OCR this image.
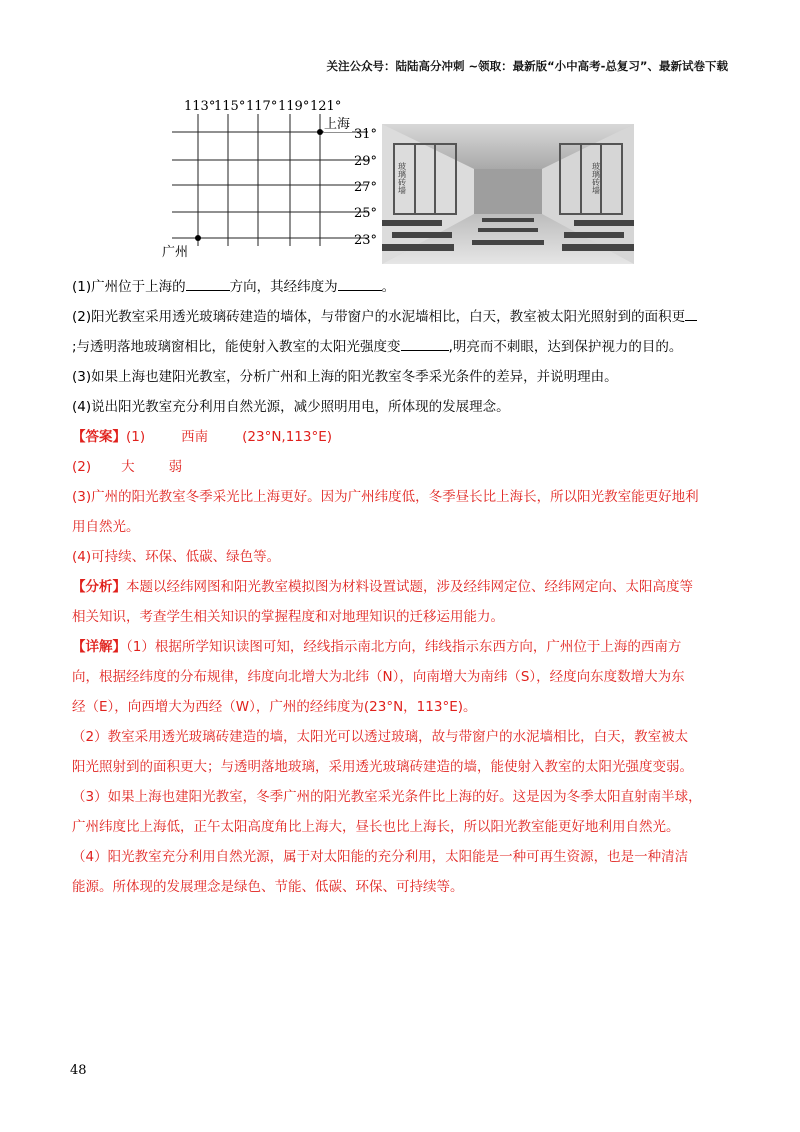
关注公众号：陆陆高分冲刺 ~领取：最新版“小中高考-总复习”、最新试卷下载
113°
115° 117° 119° 121°
31°
29°
27°
25°
23°
上海
广州
玻璃砖墙	玻璃砖墙
(1)广州位于上海的	方向，其经纬度为	。
(2)阳光教室采用透光玻璃砖建造的墙体，与带窗户的水泥墙相比，白天，教室被太阳光照射到的面积更
;与透明落地玻璃窗相比，能使射入教室的太阳光强度变	,明亮而不刺眼，达到保护视力的目的。
(3)如果上海也建阳光教室，分析广州和上海的阳光教室冬季采光条件的差异，并说明理由。
(4)说出阳光教室充分利用自然光源，减少照明用电，所体现的发展理念。
【答案】(1)	西南	(23°N,113°E)
(2) 大	弱
(3)广州的阳光教室冬季采光比上海更好。因为广州纬度低，冬季昼长比上海长，所以阳光教室能更好地利
用自然光。
(4)可持续、环保、低碳、绿色等。
【分析】本题以经纬网图和阳光教室模拟图为材料设置试题，涉及经纬网定位、经纬网定向、太阳高度等
相关知识，考查学生相关知识的掌握程度和对地理知识的迁移运用能力。
【详解】（1）根据所学知识读图可知，经线指示南北方向，纬线指示东西方向，广州位于上海的西南方
向，根据经纬度的分布规律，纬度向北增大为北纬（N），向南增大为南纬（S），经度向东度数增大为东
经（E），向西增大为西经（W），广州的经纬度为(23°N，113°E)。
（2）教室采用透光玻璃砖建造的墙，太阳光可以透过玻璃，故与带窗户的水泥墙相比，白天，教室被太
阳光照射到的面积更大；与透明落地玻璃，采用透光玻璃砖建造的墙，能使射入教室的太阳光强度变弱。
（3）如果上海也建阳光教室，冬季广州的阳光教室采光条件比上海的好。这是因为冬季太阳直射南半球，
广州纬度比上海低，正午太阳高度角比上海大，昼长也比上海长，所以阳光教室能更好地利用自然光。
（4）阳光教室充分利用自然光源，属于对太阳能的充分利用，太阳能是一种可再生资源，也是一种清洁
能源。所体现的发展理念是绿色、节能、低碳、环保、可持续等。
48
